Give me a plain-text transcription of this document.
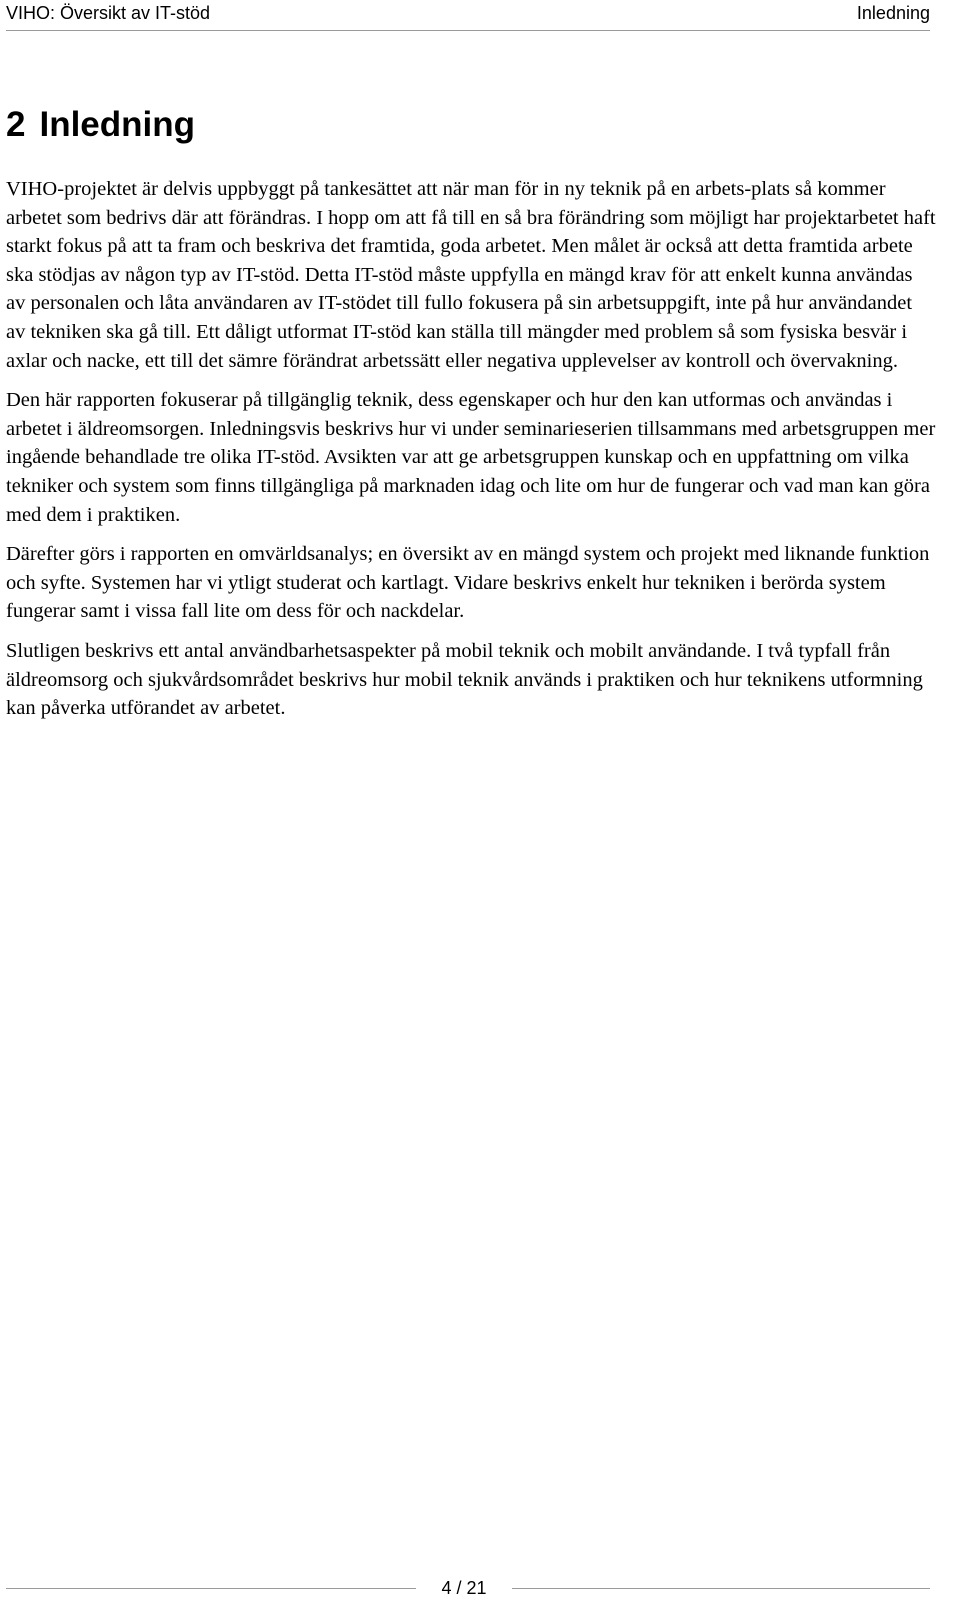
VIHO: Översikt av IT-stöd	Inledning
2 Inledning

VIHO-projektet är delvis uppbyggt på tankesättet att när man för in ny teknik på en arbets-plats så kommer arbetet som bedrivs där att förändras. I hopp om att få till en så bra förändring som möjligt har projektarbetet haft starkt fokus på att ta fram och beskriva det framtida, goda arbetet. Men målet är också att detta framtida arbete ska stödjas av någon typ av IT-stöd. Detta IT-stöd måste uppfylla en mängd krav för att enkelt kunna användas av personalen och låta användaren av IT-stödet till fullo fokusera på sin arbetsuppgift, inte på hur användandet av tekniken ska gå till. Ett dåligt utformat IT-stöd kan ställa till mängder med problem så som fysiska besvär i axlar och nacke, ett till det sämre förändrat arbetssätt eller negativa upplevelser av kontroll och övervakning.

Den här rapporten fokuserar på tillgänglig teknik, dess egenskaper och hur den kan utformas och användas i arbetet i äldreomsorgen. Inledningsvis beskrivs hur vi under seminarieserien tillsammans med arbetsgruppen mer ingående behandlade tre olika IT-stöd. Avsikten var att ge arbetsgruppen kunskap och en uppfattning om vilka tekniker och system som finns tillgängliga på marknaden idag och lite om hur de fungerar och vad man kan göra med dem i praktiken.

Därefter görs i rapporten en omvärldsanalys; en översikt av en mängd system och projekt med liknande funktion och syfte. Systemen har vi ytligt studerat och kartlagt. Vidare beskrivs enkelt hur tekniken i berörda system fungerar samt i vissa fall lite om dess för och nackdelar.

Slutligen beskrivs ett antal användbarhetsaspekter på mobil teknik och mobilt användande. I två typfall från äldreomsorg och sjukvårdsområdet beskrivs hur mobil teknik används i praktiken och hur teknikens utformning kan påverka utförandet av arbetet.

4 / 21
